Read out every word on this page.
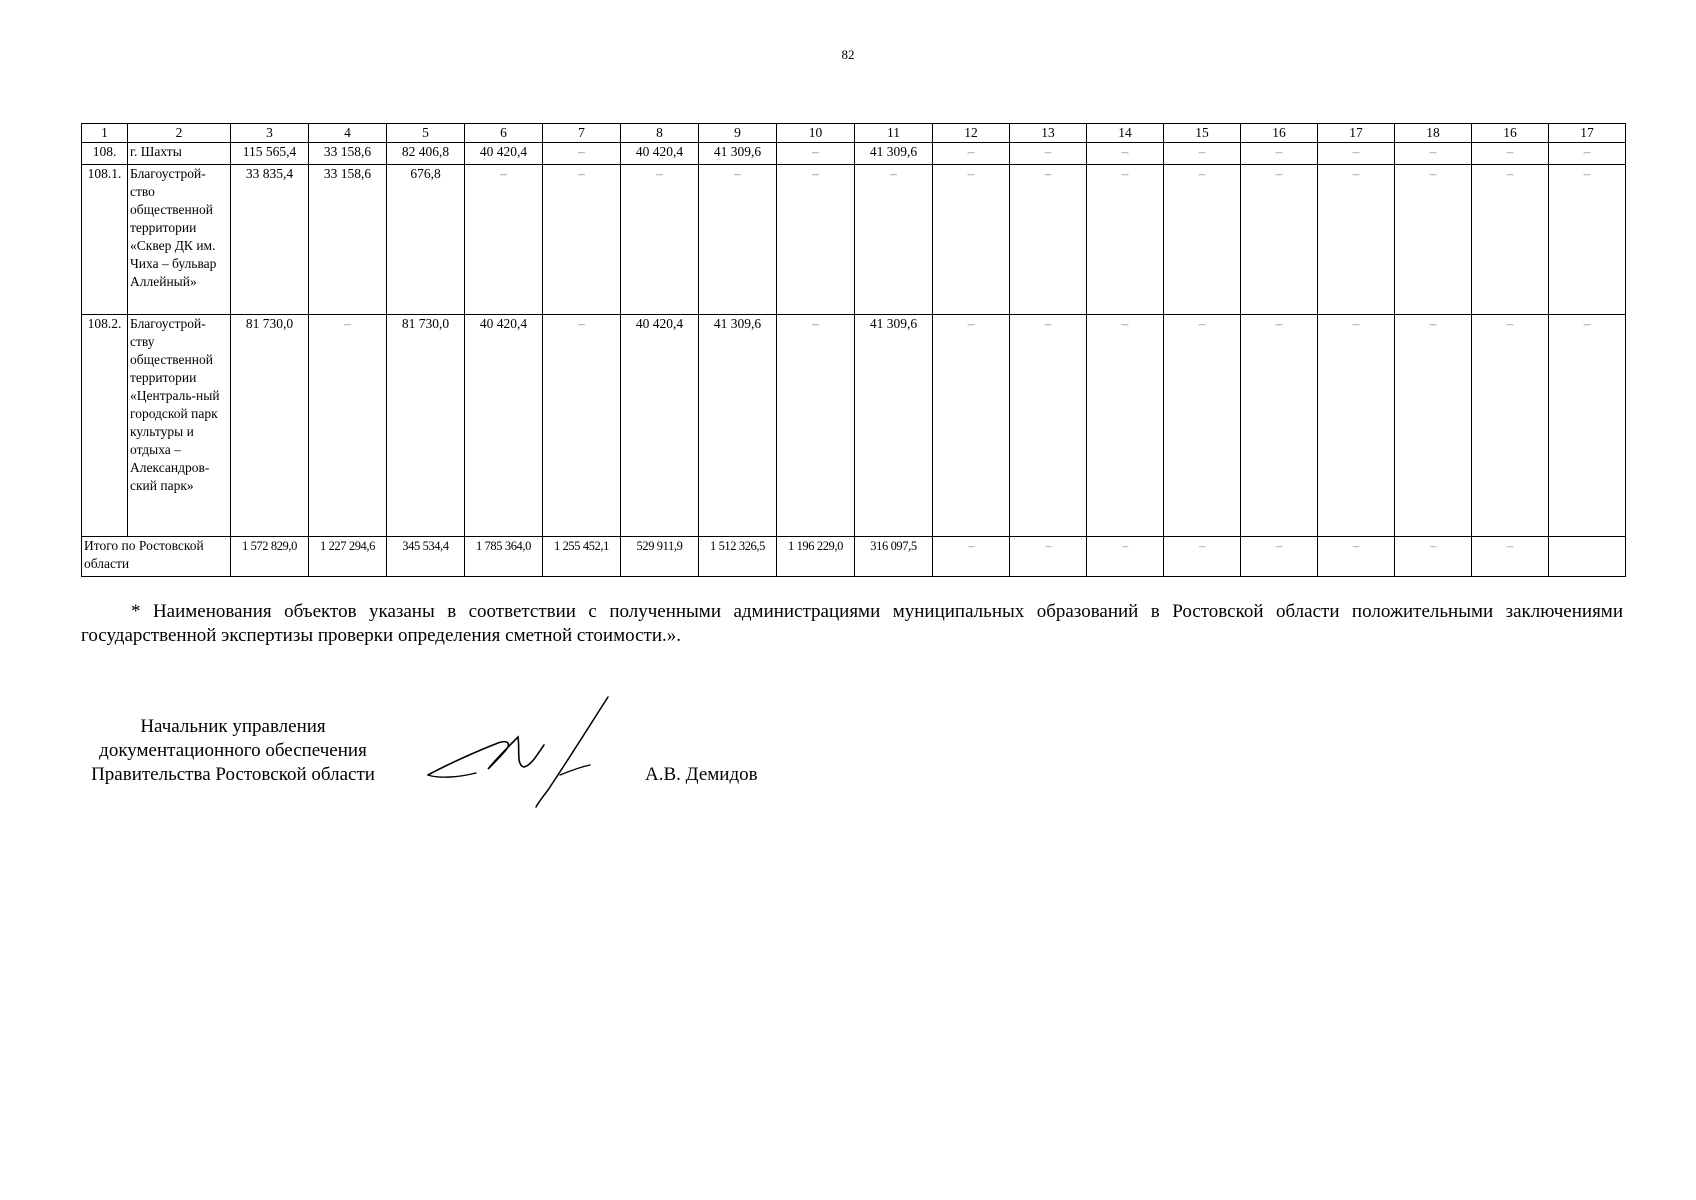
82
1	2	3	4	5	6	7	8	9	10	11	12	13	14	15	16	17	18	16	17
108.	г. Шахты	115 565,4	33 158,6	82 406,8	40 420,4	–	40 420,4	41 309,6	–	41 309,6	–	–	–	–	–	–	–	–	–
108.1.	Благоустрой-ство общественной территории «Сквер ДК им. Чиха – бульвар Аллейный»	33 835,4	33 158,6	676,8	–	–	–	–	–	–	–	–	–	–	–	–	–	–	–
108.2.	Благоустрой-ству общественной территории «Централь-ный городской парк культуры и отдыха – Александров-ский парк»	81 730,0	–	81 730,0	40 420,4	–	40 420,4	41 309,6	–	41 309,6	–	–	–	–	–	–	–	–	–
Итого по Ростовской области		1 572 829,0	1 227 294,6	345 534,4	1 785 364,0	1 255 452,1	529 911,9	1 512 326,5	1 196 229,0	316 097,5	–	–	–	–	–	–	–	–	
* Наименования объектов указаны в соответствии с полученными администрациями муниципальных образований в Ростовской области положительными заключениями государственной экспертизы проверки определения сметной стоимости.».
Начальник управления
документационного обеспечения
Правительства Ростовской области	А.В. Демидов
